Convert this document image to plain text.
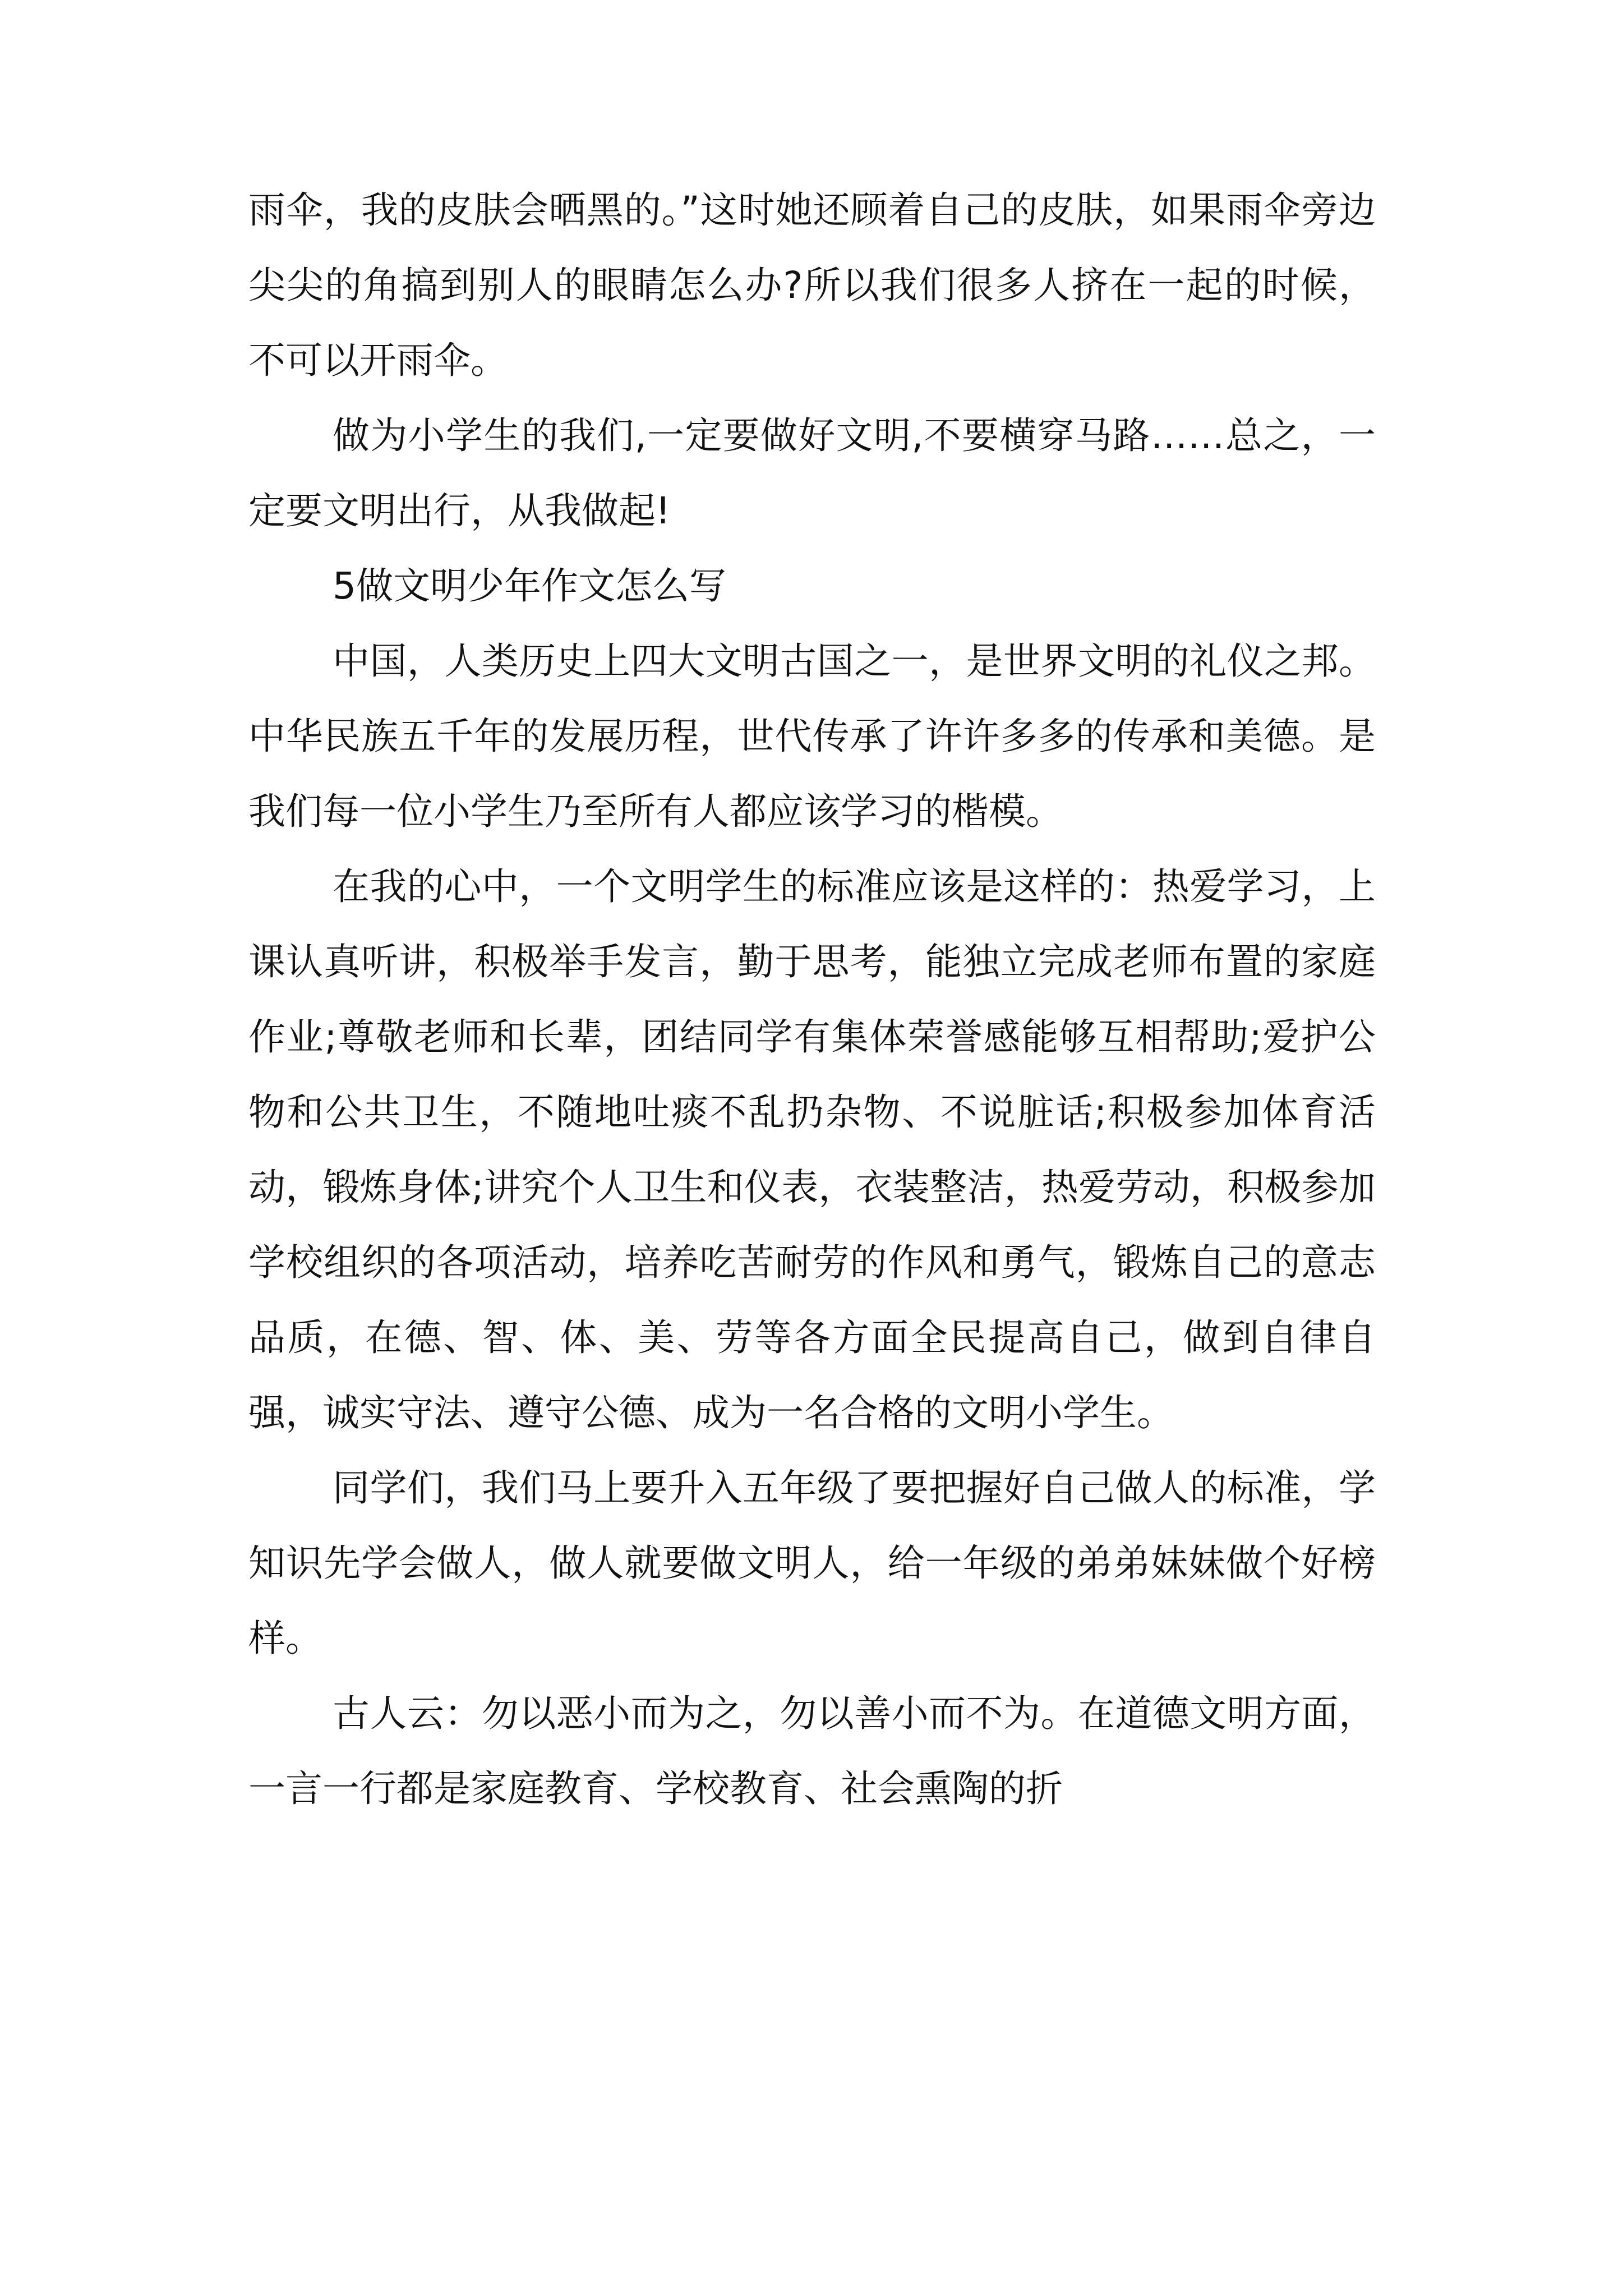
雨伞，我的皮肤会晒黑的。”这时她还顾着自己的皮肤，如果雨伞旁边尖尖的角搞到别人的眼睛怎么办?所以我们很多人挤在一起的时候，不可以开雨伞。

做为小学生的我们,一定要做好文明,不要横穿马路……总之，一定要文明出行，从我做起!

5做文明少年作文怎么写

中国，人类历史上四大文明古国之一，是世界文明的礼仪之邦。中华民族五千年的发展历程，世代传承了许许多多的传承和美德。是我们每一位小学生乃至所有人都应该学习的楷模。

在我的心中，一个文明学生的标准应该是这样的：热爱学习，上课认真听讲，积极举手发言，勤于思考，能独立完成老师布置的家庭作业;尊敬老师和长辈，团结同学有集体荣誉感能够互相帮助;爱护公物和公共卫生，不随地吐痰不乱扔杂物、不说脏话;积极参加体育活动，锻炼身体;讲究个人卫生和仪表，衣装整洁，热爱劳动，积极参加学校组织的各项活动，培养吃苦耐劳的作风和勇气，锻炼自己的意志品质，在德、智、体、美、劳等各方面全民提高自己，做到自律自强，诚实守法、遵守公德、成为一名合格的文明小学生。

同学们，我们马上要升入五年级了要把握好自己做人的标准，学知识先学会做人，做人就要做文明人，给一年级的弟弟妹妹做个好榜样。

古人云：勿以恶小而为之，勿以善小而不为。在道德文明方面，一言一行都是家庭教育、学校教育、社会熏陶的折
